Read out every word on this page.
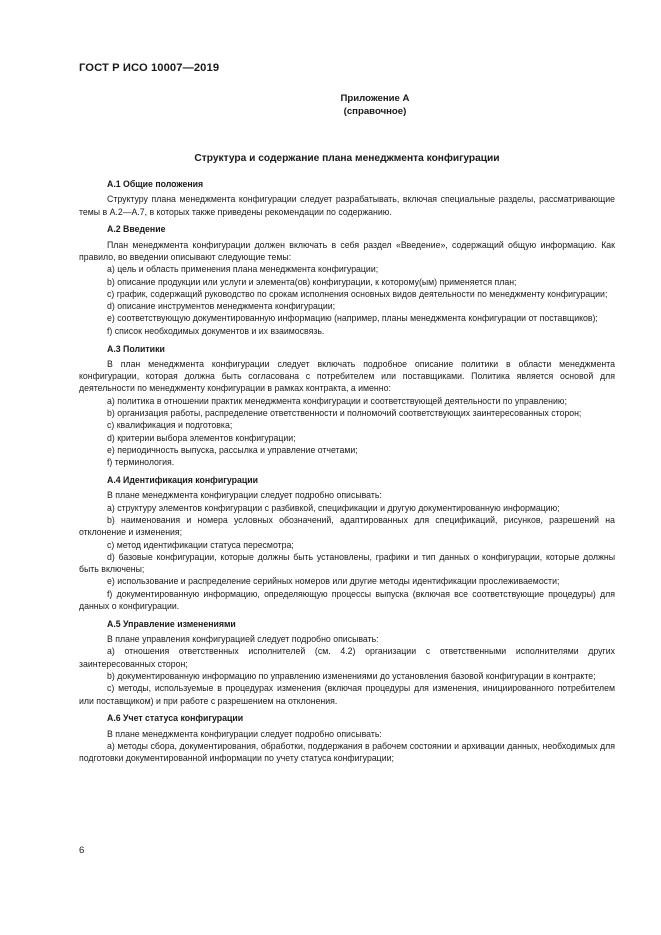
ГОСТ Р ИСО 10007—2019
Приложение А
(справочное)
Структура и содержание плана менеджмента конфигурации
А.1 Общие положения

Структуру плана менеджмента конфигурации следует разрабатывать, включая специальные разделы, рассматривающие темы в А.2—А.7, в которых также приведены рекомендации по содержанию.

А.2 Введение

План менеджмента конфигурации должен включать в себя раздел «Введение», содержащий общую информацию. Как правило, во введении описывают следующие темы:

a) цель и область применения плана менеджмента конфигурации;

b) описание продукции или услуги и элемента(ов) конфигурации, к которому(ым) применяется план;

c) график, содержащий руководство по срокам исполнения основных видов деятельности по менеджменту конфигурации;

d) описание инструментов менеджмента конфигурации;

e) соответствующую документированную информацию (например, планы менеджмента конфигурации от поставщиков);

f) список необходимых документов и их взаимосвязь.

А.3 Политики

В план менеджмента конфигурации следует включать подробное описание политики в области менеджмента конфигурации, которая должна быть согласована с потребителем или поставщиками. Политика является основой для деятельности по менеджменту конфигурации в рамках контракта, а именно:

a) политика в отношении практик менеджмента конфигурации и соответствующей деятельности по управлению;

b) организация работы, распределение ответственности и полномочий соответствующих заинтересованных сторон;

c) квалификация и подготовка;

d) критерии выбора элементов конфигурации;

e) периодичность выпуска, рассылка и управление отчетами;

f) терминология.

А.4 Идентификация конфигурации

В плане менеджмента конфигурации следует подробно описывать:

a) структуру элементов конфигурации с разбивкой, спецификации и другую документированную информацию;

b) наименования и номера условных обозначений, адаптированных для спецификаций, рисунков, разрешений на отклонение и изменения;

c) метод идентификации статуса пересмотра;

d) базовые конфигурации, которые должны быть установлены, графики и тип данных о конфигурации, которые должны быть включены;

e) использование и распределение серийных номеров или другие методы идентификации прослеживаемости;

f) документированную информацию, определяющую процессы выпуска (включая все соответствующие процедуры) для данных о конфигурации.

А.5 Управление изменениями

В плане управления конфигурацией следует подробно описывать:

a) отношения ответственных исполнителей (см. 4.2) организации с ответственными исполнителями других заинтересованных сторон;

b) документированную информацию по управлению изменениями до установления базовой конфигурации в контракте;

c) методы, используемые в процедурах изменения (включая процедуры для изменения, инициированного потребителем или поставщиком) и при работе с разрешением на отклонения.

А.6 Учет статуса конфигурации

В плане менеджмента конфигурации следует подробно описывать:

a) методы сбора, документирования, обработки, поддержания в рабочем состоянии и архивации данных, необходимых для подготовки документированной информации по учету статуса конфигурации;

6
